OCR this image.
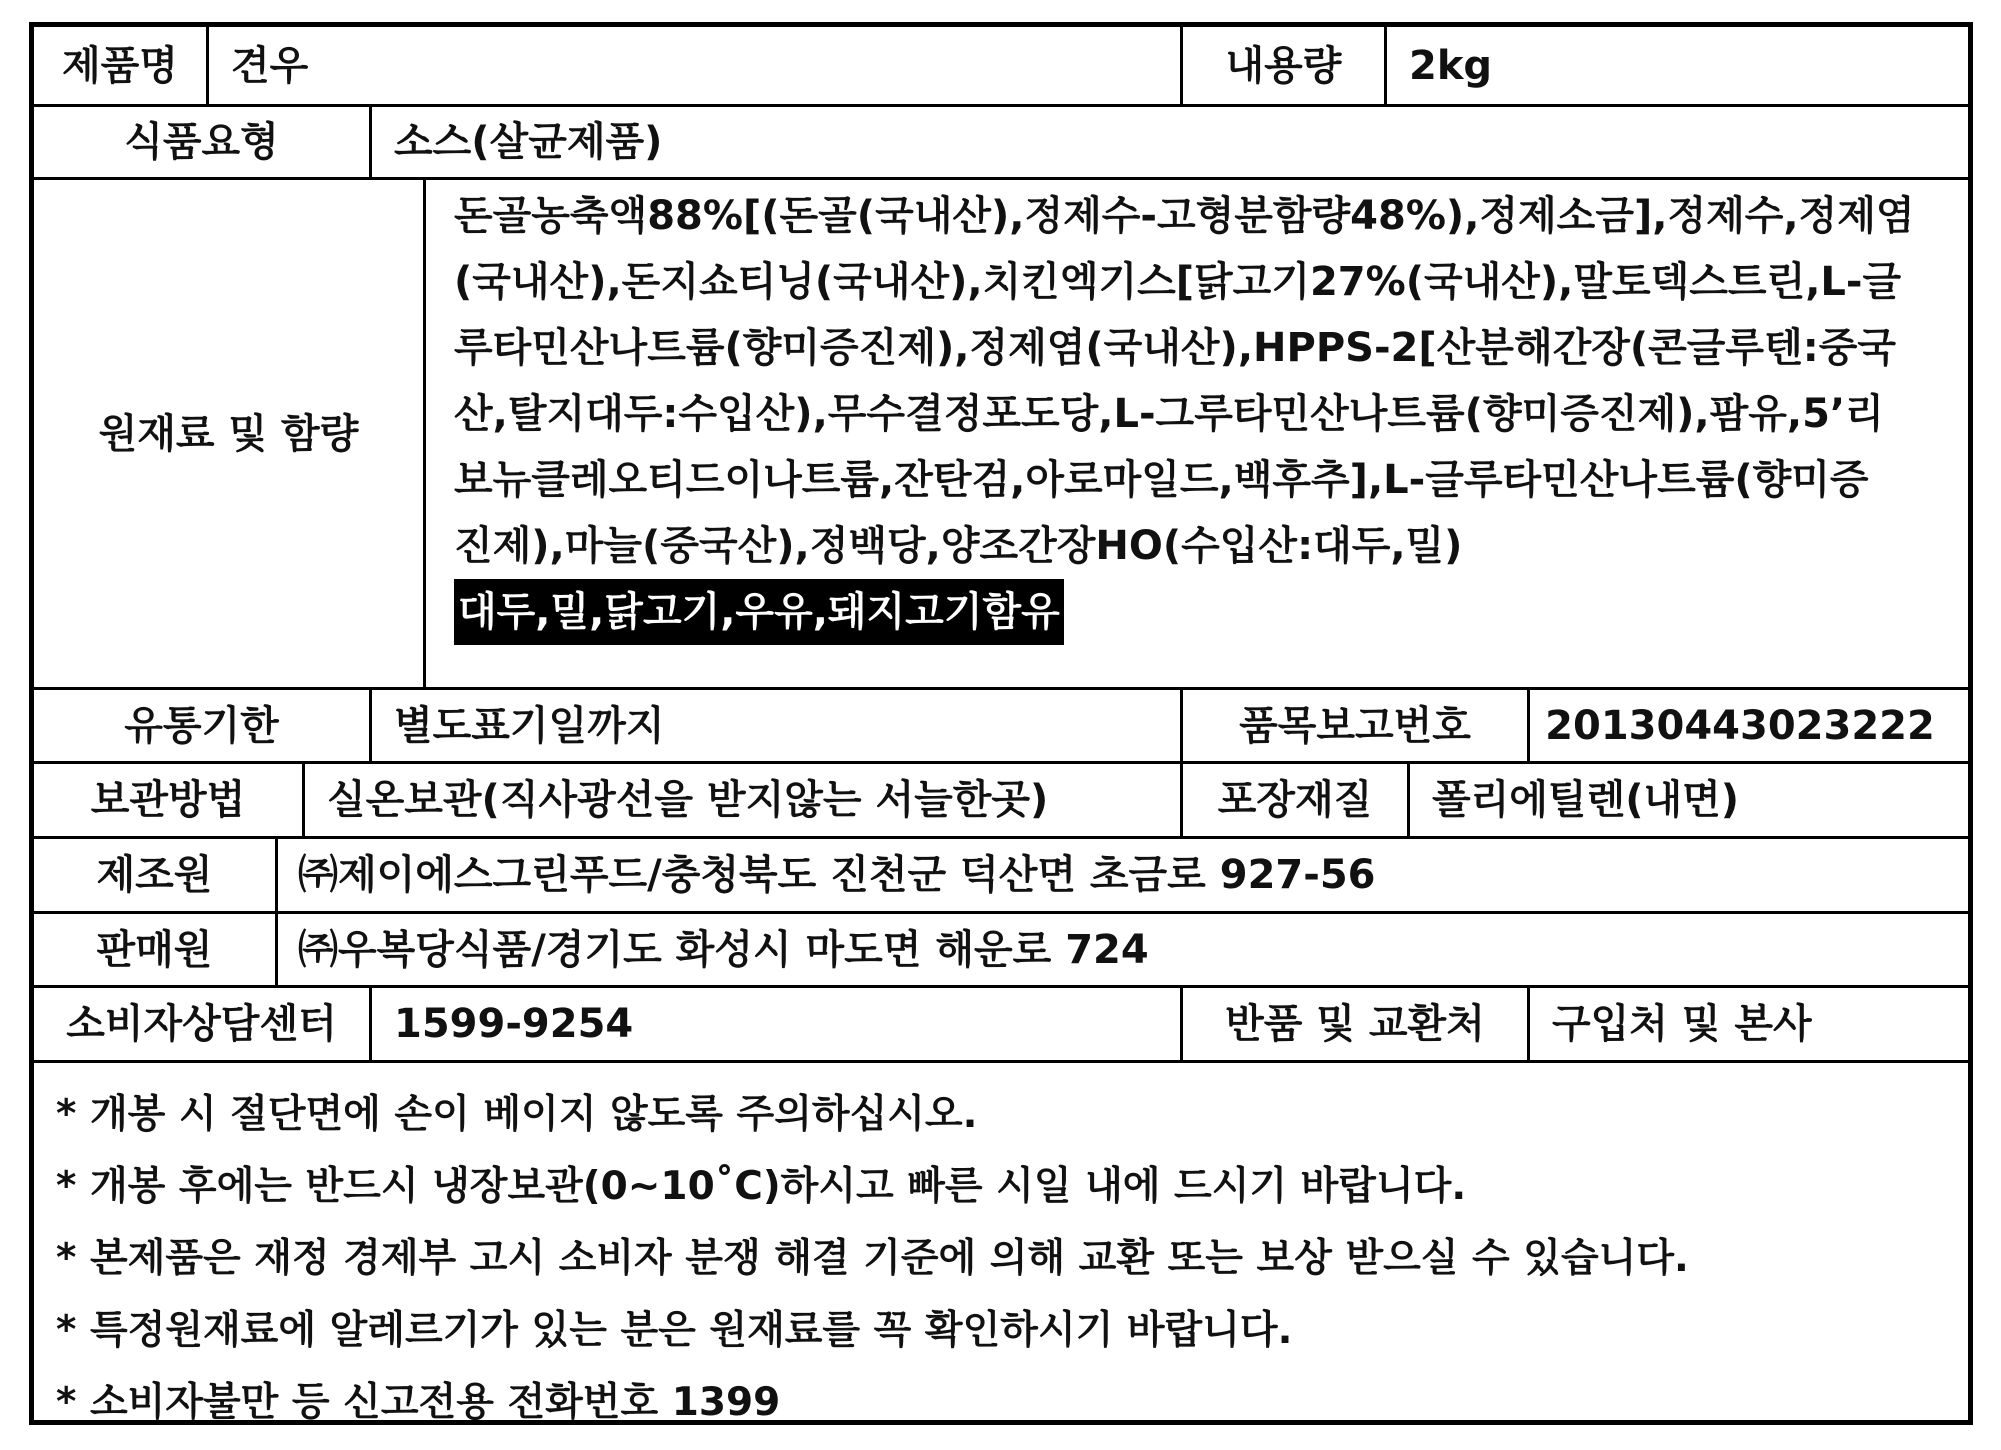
제품명	견우	내용량	2kg
식품요형	소스(살균제품)
원재료 및 함량
돈골농축액88%[(돈골(국내산),정제수-고형분함량48%),정제소금],정제수,정제염
(국내산),돈지쇼티닝(국내산),치킨엑기스[닭고기27%(국내산),말토덱스트린,L-글
루타민산나트륨(향미증진제),정제염(국내산),HPPS-2[산분해간장(콘글루텐:중국
산,탈지대두:수입산),무수결정포도당,L-그루타민산나트륨(향미증진제),팜유,5’리
보뉴클레오티드이나트륨,잔탄검,아로마일드,백후추],L-글루타민산나트륨(향미증
진제),마늘(중국산),정백당,양조간장HO(수입산:대두,밀)
대두,밀,닭고기,우유,돼지고기함유
유통기한	별도표기일까지	품목보고번호	20130443023222
보관방법	실온보관(직사광선을 받지않는 서늘한곳)	포장재질	폴리에틸렌(내면)
제조원	㈜제이에스그린푸드/충청북도 진천군 덕산면 초금로 927-56
판매원	㈜우복당식품/경기도 화성시 마도면 해운로 724
소비자상담센터	1599-9254	반품 및 교환처	구입처 및 본사
* 개봉 시 절단면에 손이 베이지 않도록 주의하십시오.
* 개봉 후에는 반드시 냉장보관(0~10˚C)하시고 빠른 시일 내에 드시기 바랍니다.
* 본제품은 재정 경제부 고시 소비자 분쟁 해결 기준에 의해 교환 또는 보상 받으실 수 있습니다.
* 특정원재료에 알레르기가 있는 분은 원재료를 꼭 확인하시기 바랍니다.
* 소비자불만 등 신고전용 전화번호 1399
